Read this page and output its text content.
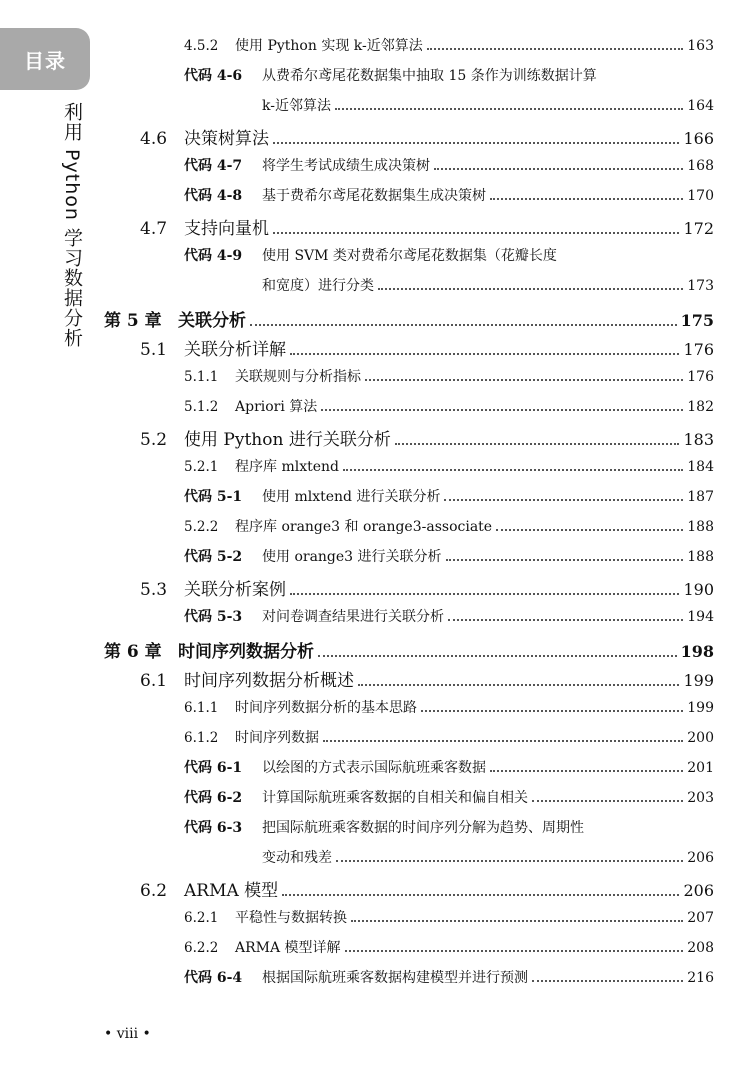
目录
利用 Python 学习数据分析
4.5.2	使用 Python 实现 k-近邻算法	163
代码 4-6	从费希尔鸢尾花数据集中抽取 15 条作为训练数据计算
k-近邻算法	164
4.6 决策树算法	166
代码 4-7	将学生考试成绩生成决策树	168
代码 4-8	基于费希尔鸢尾花数据集生成决策树	170
4.7 支持向量机	172
代码 4-9	使用 SVM 类对费希尔鸢尾花数据集（花瓣长度
和宽度）进行分类	173
第 5 章 关联分析	175
5.1 关联分析详解	176
5.1.1	关联规则与分析指标	176
5.1.2	Apriori 算法	182
5.2 使用 Python 进行关联分析	183
5.2.1	程序库 mlxtend	184
代码 5-1	使用 mlxtend 进行关联分析	187
5.2.2	程序库 orange3 和 orange3-associate	188
代码 5-2	使用 orange3 进行关联分析	188
5.3 关联分析案例	190
代码 5-3	对问卷调查结果进行关联分析	194
第 6 章 时间序列数据分析	198
6.1 时间序列数据分析概述	199
6.1.1	时间序列数据分析的基本思路	199
6.1.2	时间序列数据	200
代码 6-1	以绘图的方式表示国际航班乘客数据	201
代码 6-2	计算国际航班乘客数据的自相关和偏自相关	203
代码 6-3	把国际航班乘客数据的时间序列分解为趋势、周期性
变动和残差	206
6.2 ARMA 模型	206
6.2.1	平稳性与数据转换	207
6.2.2	ARMA 模型详解	208
代码 6-4	根据国际航班乘客数据构建模型并进行预测	216
• viii •
